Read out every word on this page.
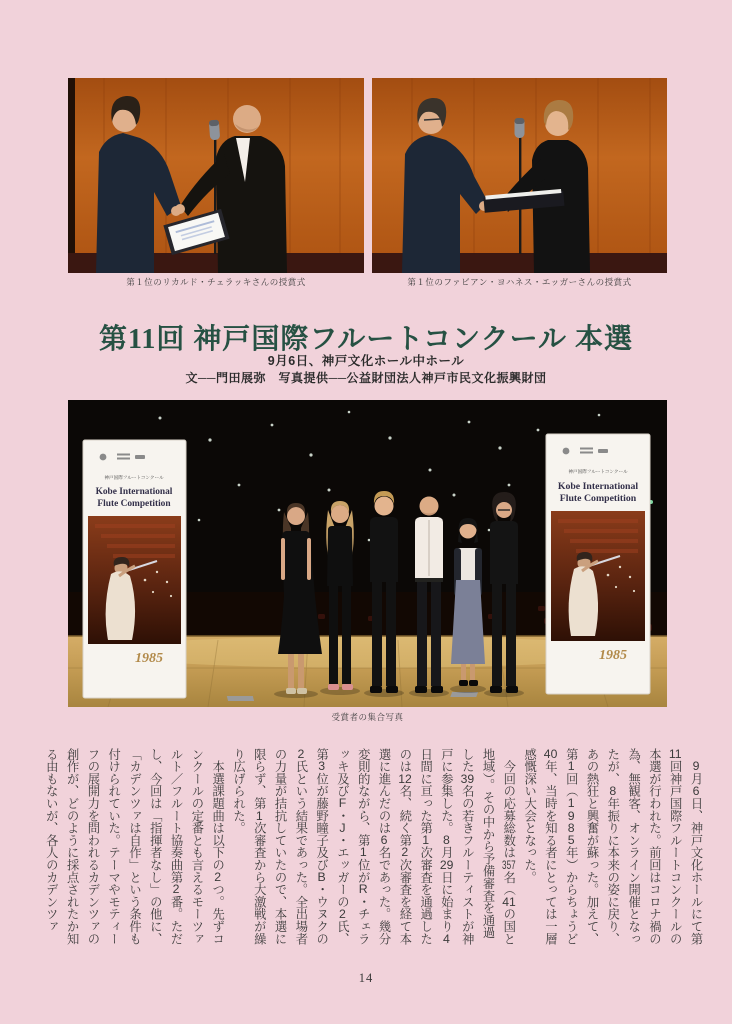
第１位のリカルド・チェラッキさんの授賞式	第１位のファビアン・ヨハネス・エッガーさんの授賞式
第11回 神戸国際フルートコンクール 本選
9月6日、神戸文化ホール中ホール
文──門田展弥　写真提供──公益財団法人神戸市民文化振興財団
神戸国際フルートコンクール
Kobe International
Flute Competition
1985
神戸国際フルートコンクール
Kobe International
Flute Competition
1985
受賞者の集合写真

　9月6日、神戸文化ホールにて第11回神戸国際フルートコンクールの本選が行われた。前回はコロナ禍の為、無観客、オンライン開催となったが、8年振りに本来の姿に戻り、あの熱狂と興奮が蘇った。加えて、第1回（1985年）からちょうど40年、当時を知る者にとっては一層感慨深い大会となった。

　今回の応募総数は357名（41の国と地域）。その中から予備審査を通過した39名の若きフルーティストが神戸に参集した。8月29日に始まり4日間に亘った第1次審査を通過したのは12名、続く第2次審査を経て本選に進んだのは6名であった。幾分変則的ながら、第1位がR・チェラッキ及びF・J・エッガーの2氏、第3位が藤野瞳子及びB・ウヌクの2氏という結果であった。全出場者の力量が拮抗していたので、本選に限らず、第1次審査から大激戦が繰り広げられた。

　本選課題曲は以下の2つ。先ずコンクールの定番とも言えるモーツァルト／フルート協奏曲第2番。ただし、今回は「指揮者なし」の他に、「カデンツァは自作」という条件も付けられていた。テーマやモティーフの展開力を問われるカデンツァの創作が、どのように採点されたか知る由もないが、各人のカデンツァ

14
